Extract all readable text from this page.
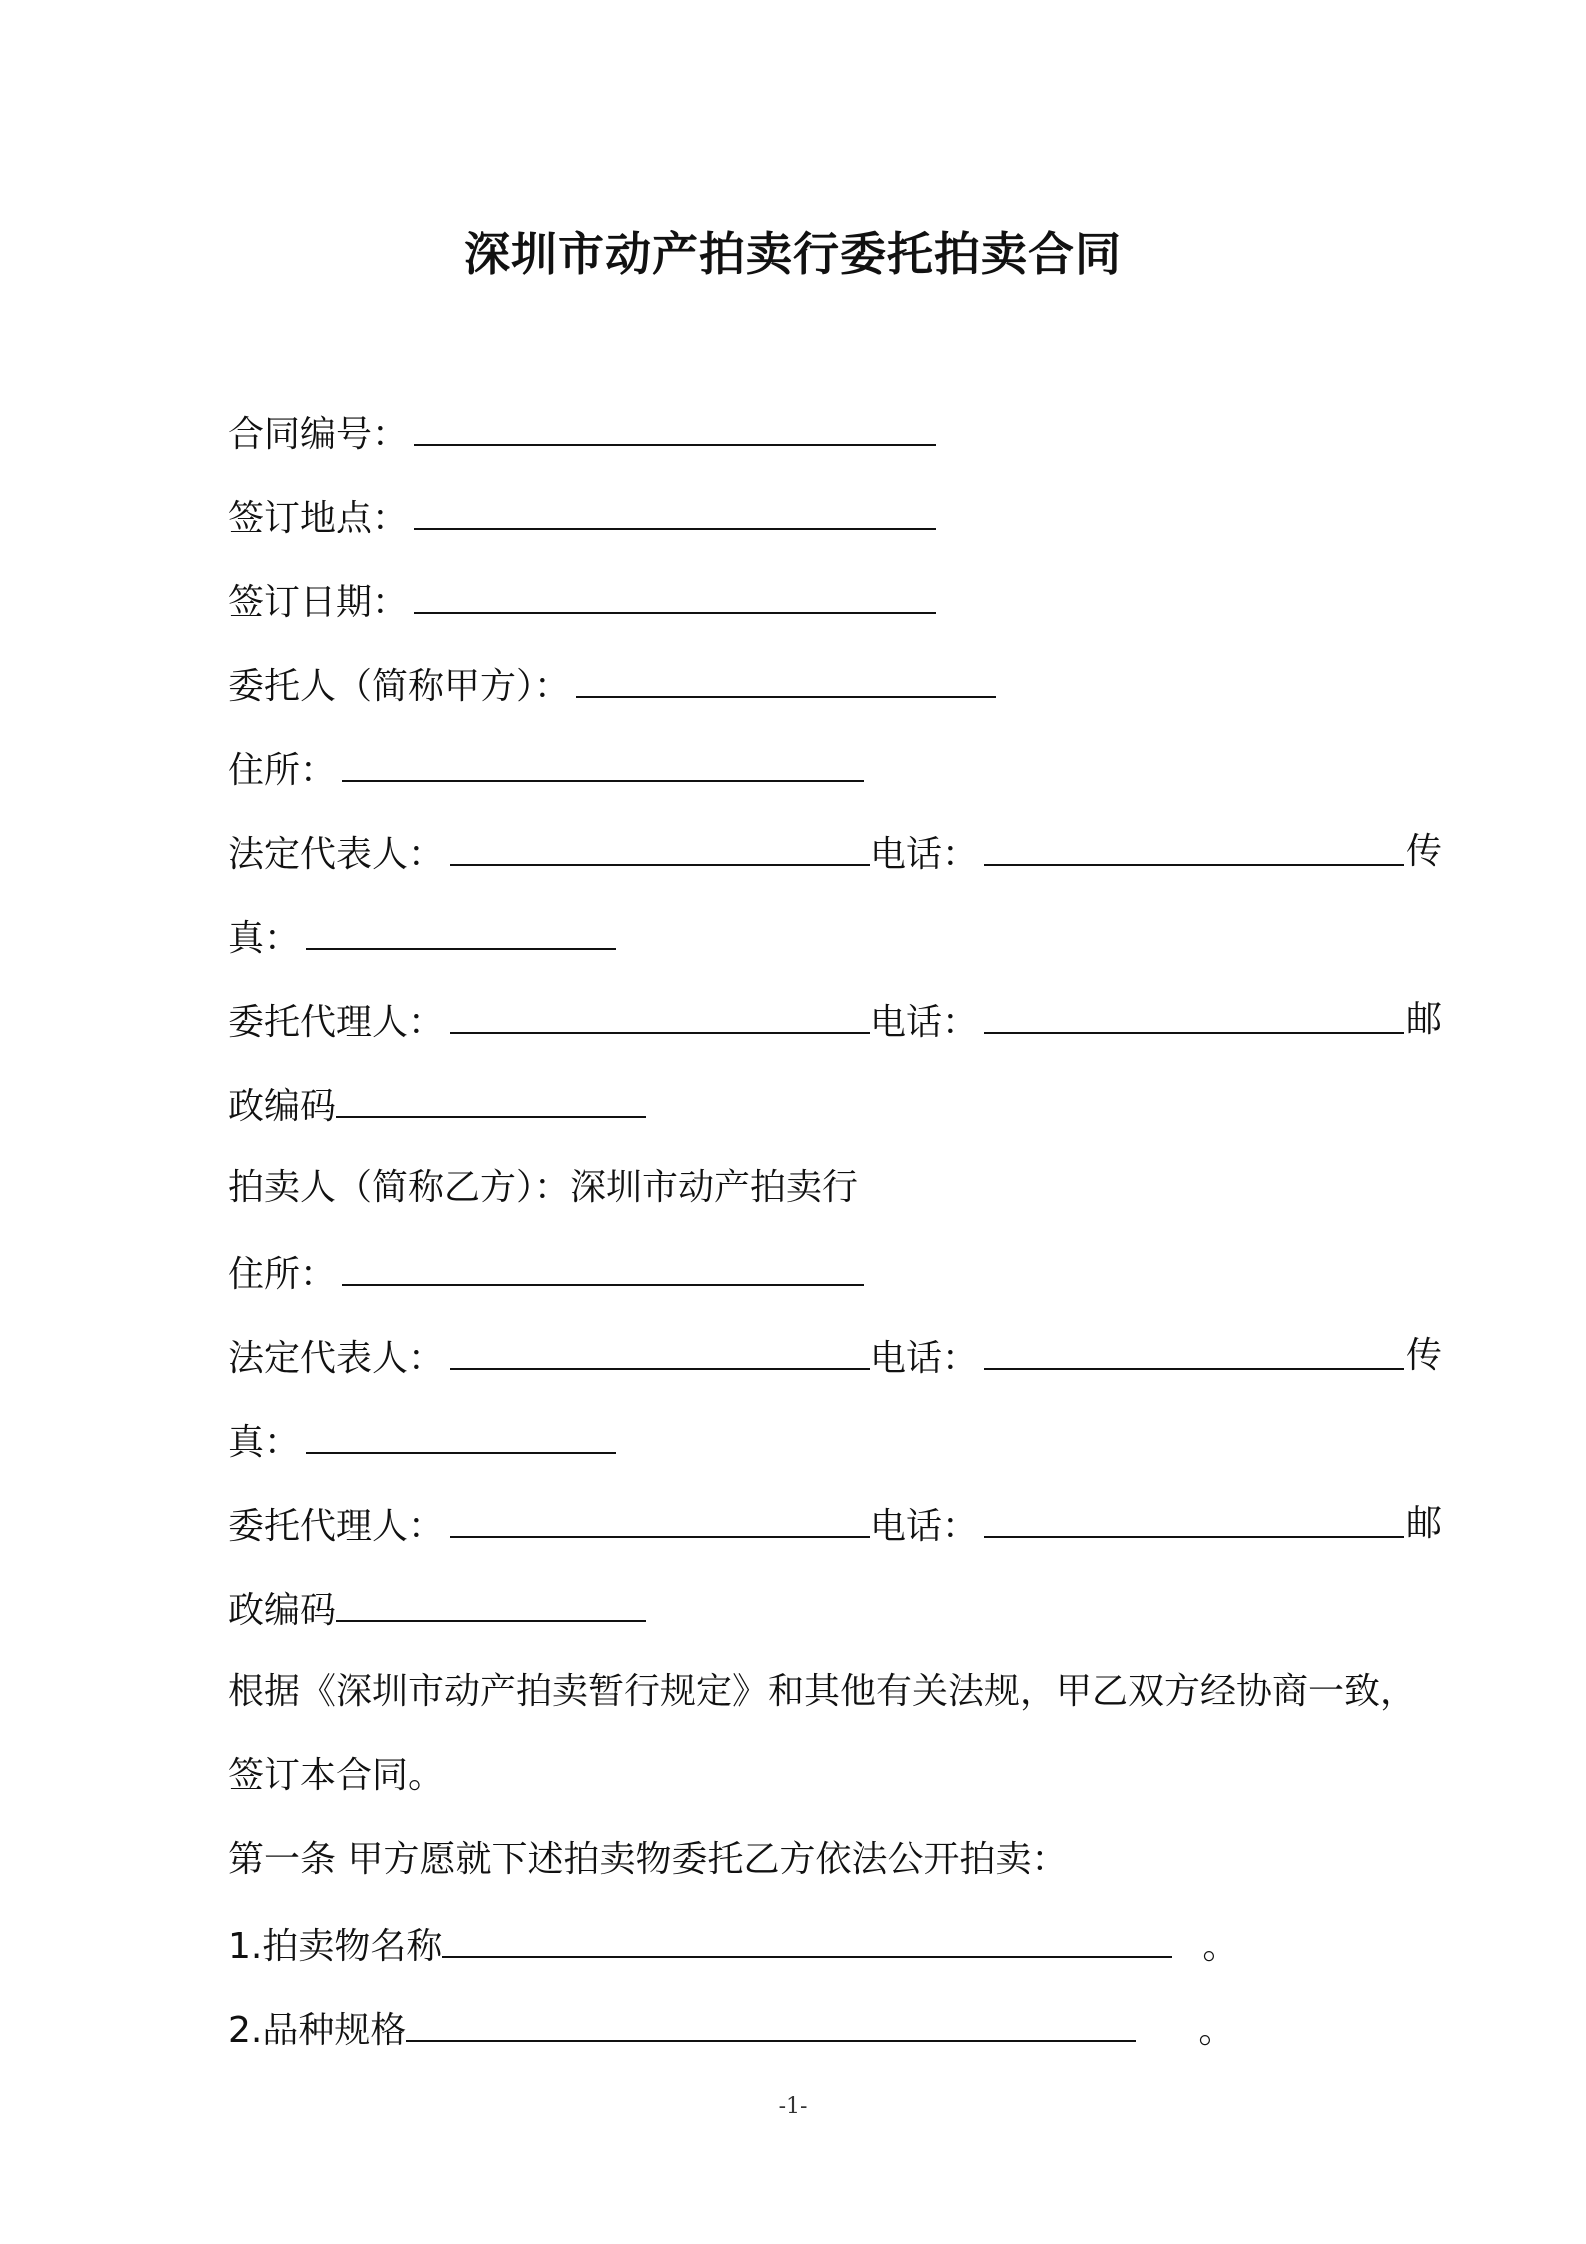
深圳市动产拍卖行委托拍卖合同
合同编号：
签订地点：
签订日期：
委托人（简称甲方）：
住所：
法定代表人：	电话：	传
真：
委托代理人：	电话：	邮
政编码
拍卖人（简称乙方）：深圳市动产拍卖行
住所：
法定代表人：	电话：	传
真：
委托代理人：	电话：	邮
政编码
根据《深圳市动产拍卖暂行规定》和其他有关法规，甲乙双方经协商一致，
签订本合同。
第一条 甲方愿就下述拍卖物委托乙方依法公开拍卖：
1.拍卖物名称	。
2.品种规格	。
-1-
